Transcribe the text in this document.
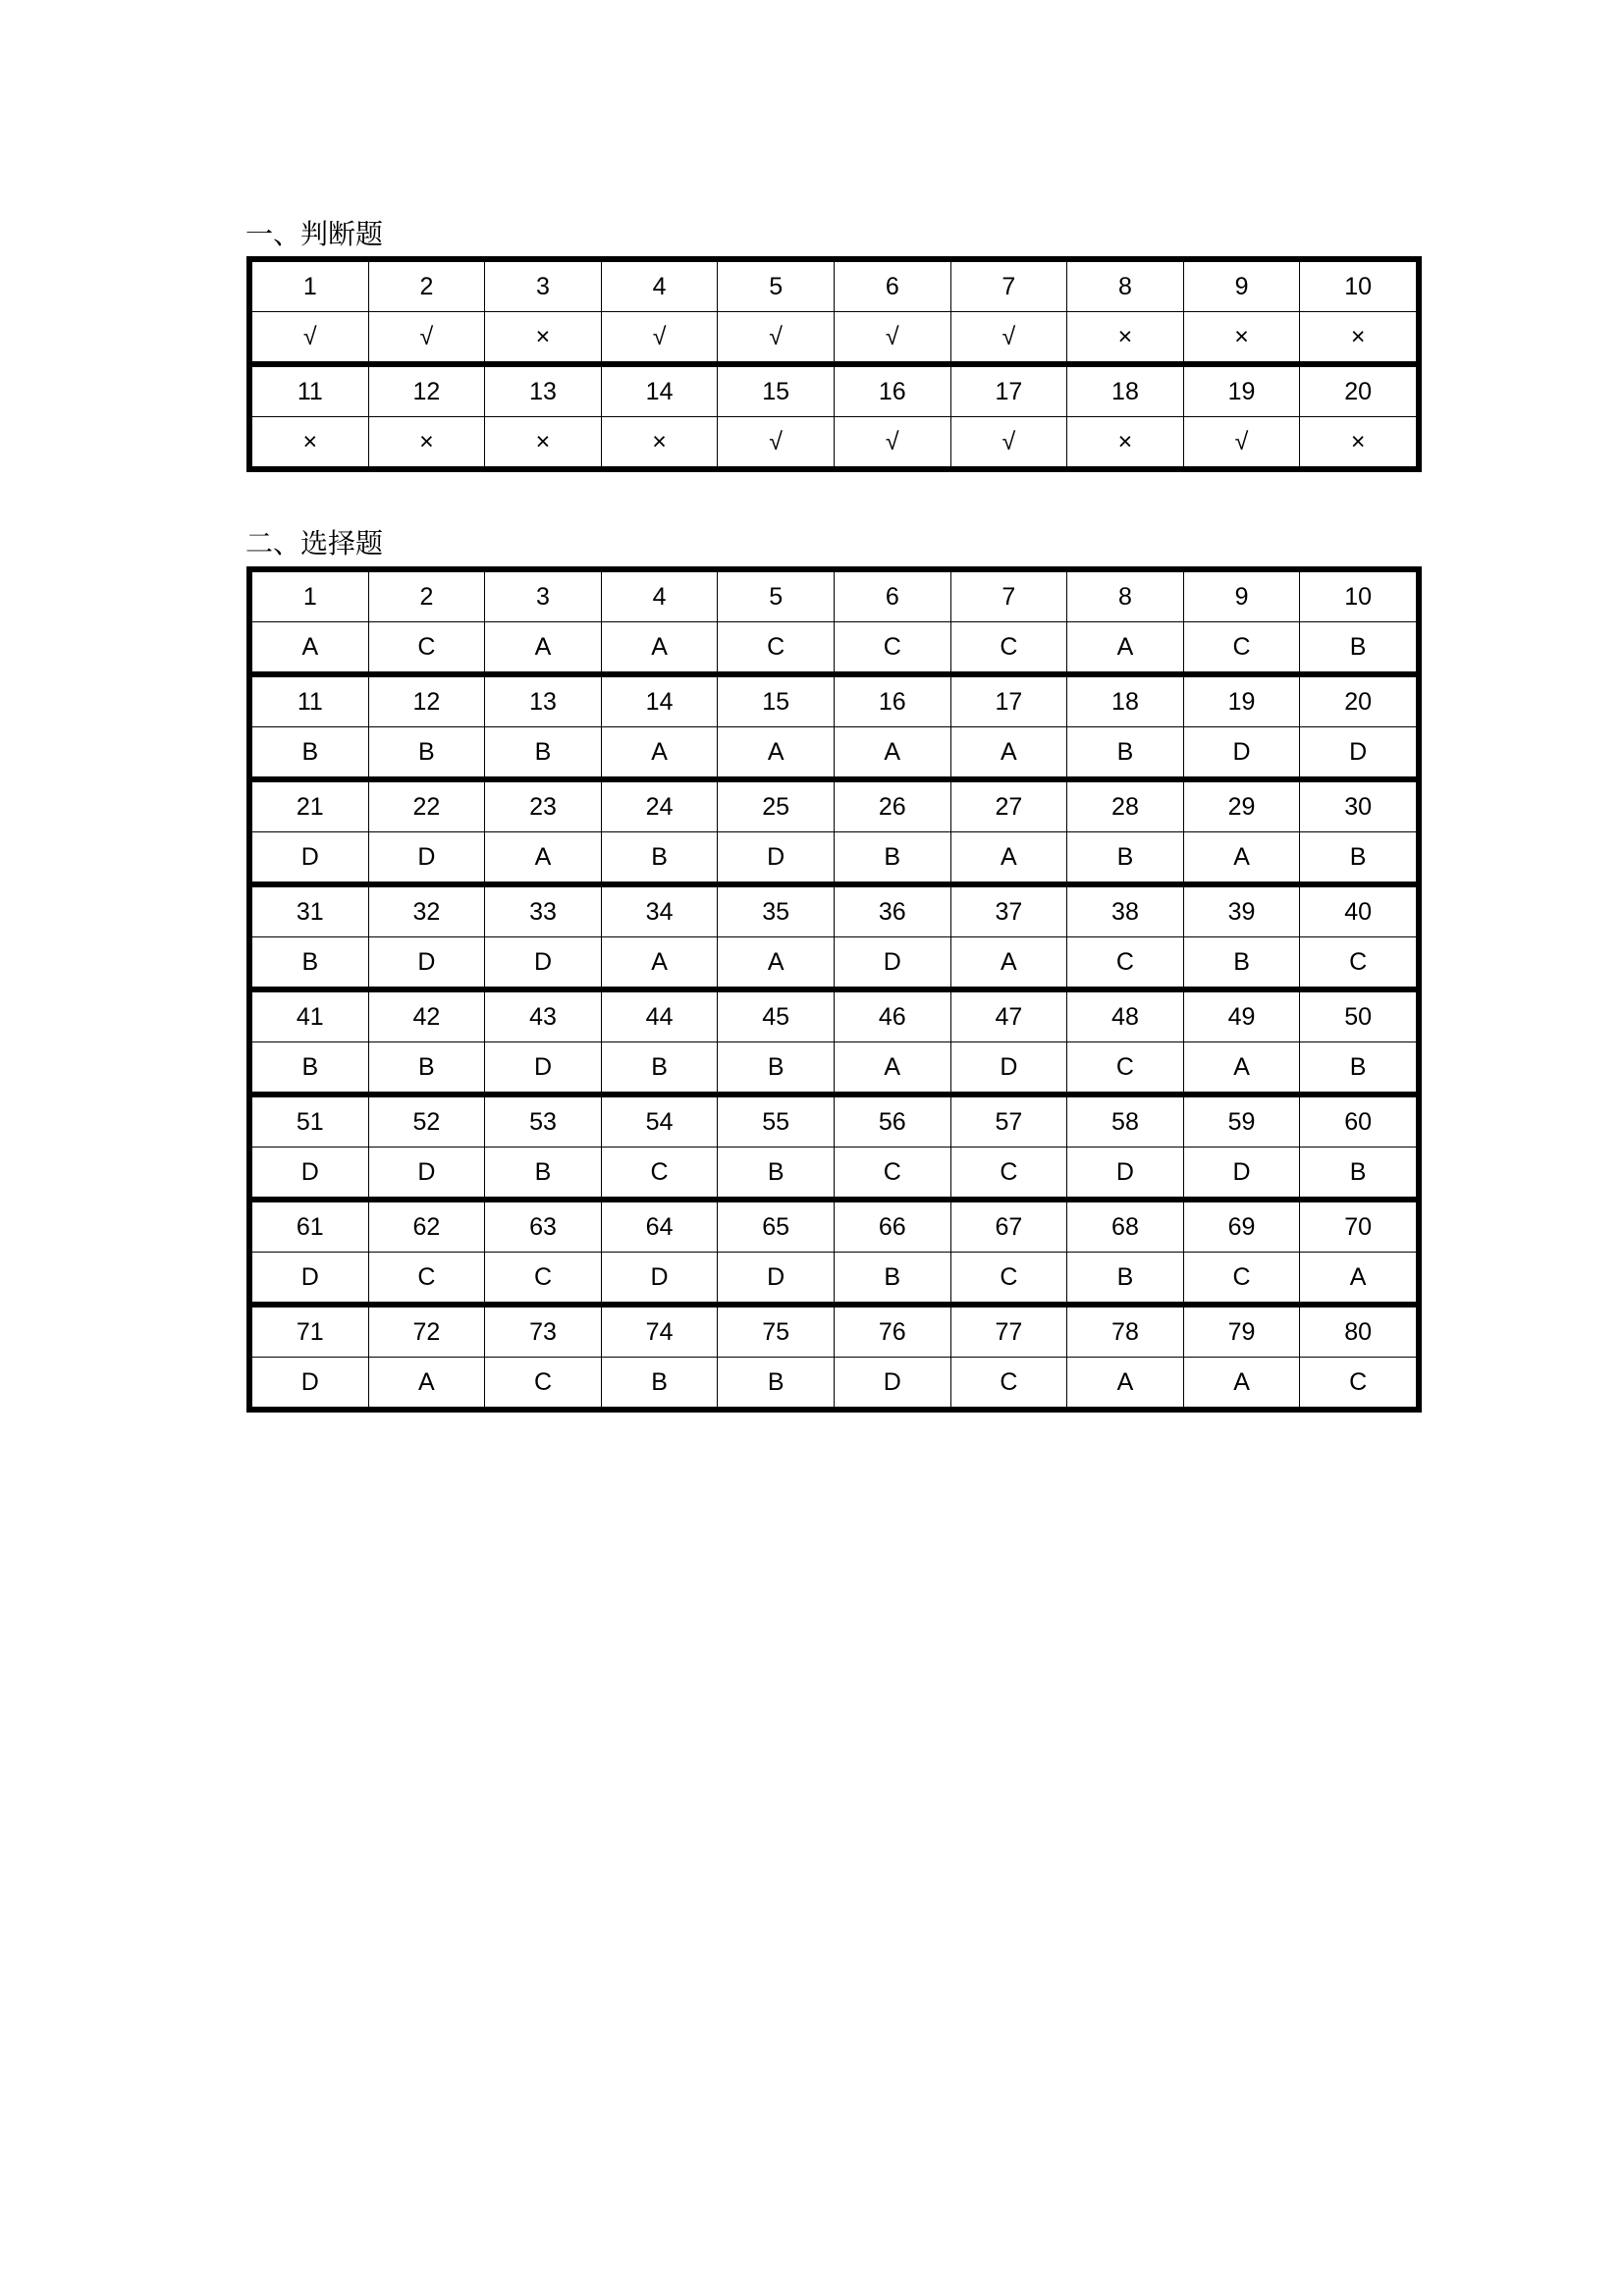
一、判断题
1	2	3	4	5	6	7	8	9	10
√	√	×	√	√	√	√	×	×	×
11	12	13	14	15	16	17	18	19	20
×	×	×	×	√	√	√	×	√	×
二、选择题
1	2	3	4	5	6	7	8	9	10
A	C	A	A	C	C	C	A	C	B
11	12	13	14	15	16	17	18	19	20
B	B	B	A	A	A	A	B	D	D
21	22	23	24	25	26	27	28	29	30
D	D	A	B	D	B	A	B	A	B
31	32	33	34	35	36	37	38	39	40
B	D	D	A	A	D	A	C	B	C
41	42	43	44	45	46	47	48	49	50
B	B	D	B	B	A	D	C	A	B
51	52	53	54	55	56	57	58	59	60
D	D	B	C	B	C	C	D	D	B
61	62	63	64	65	66	67	68	69	70
D	C	C	D	D	B	C	B	C	A
71	72	73	74	75	76	77	78	79	80
D	A	C	B	B	D	C	A	A	C
